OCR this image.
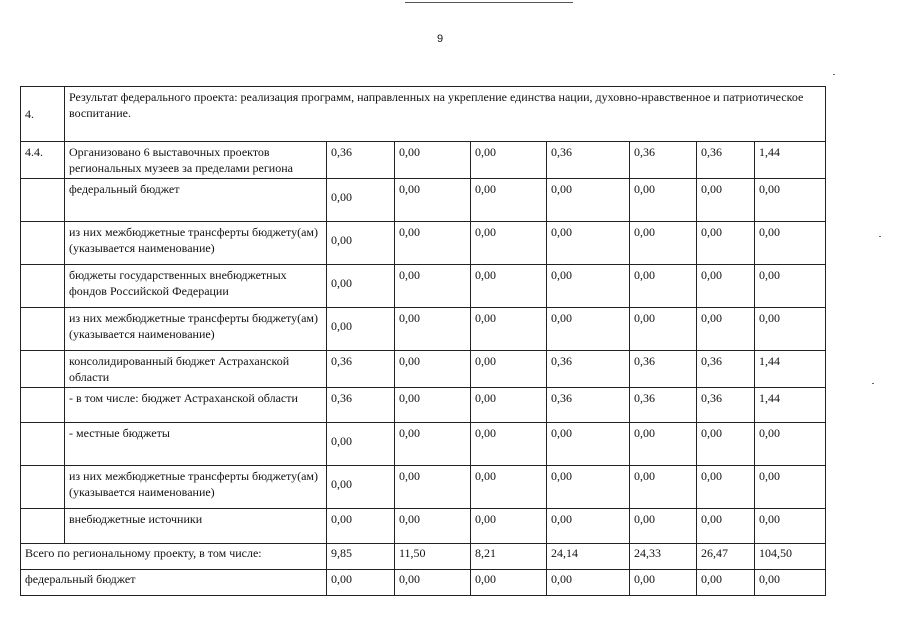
9
4.	Результат федерального проекта: реализация программ, направленных на укрепление единства нации, духовно-нравственное и патриотическое воспитание.							
4.4.	Организовано 6 выставочных проектов региональных музеев за пределами региона	0,36	0,00	0,00	0,36	0,36	0,36	1,44
	федеральный бюджет	0,00	0,00	0,00	0,00	0,00	0,00	0,00
	из них межбюджетные трансферты бюджету(ам) (указывается наименование)	0,00	0,00	0,00	0,00	0,00	0,00	0,00
	бюджеты государственных внебюджетных фондов Российской Федерации	0,00	0,00	0,00	0,00	0,00	0,00	0,00
	из них межбюджетные трансферты бюджету(ам) (указывается наименование)	0,00	0,00	0,00	0,00	0,00	0,00	0,00
	консолидированный бюджет Астраханской области	0,36	0,00	0,00	0,36	0,36	0,36	1,44
	- в том числе: бюджет Астраханской области	0,36	0,00	0,00	0,36	0,36	0,36	1,44
	- местные бюджеты	0,00	0,00	0,00	0,00	0,00	0,00	0,00
	из них межбюджетные трансферты бюджету(ам) (указывается наименование)	0,00	0,00	0,00	0,00	0,00	0,00	0,00
	внебюджетные источники	0,00	0,00	0,00	0,00	0,00	0,00	0,00
Всего по региональному проекту, в том числе:		9,85	11,50	8,21	24,14	24,33	26,47	104,50
федеральный бюджет		0,00	0,00	0,00	0,00	0,00	0,00	0,00
